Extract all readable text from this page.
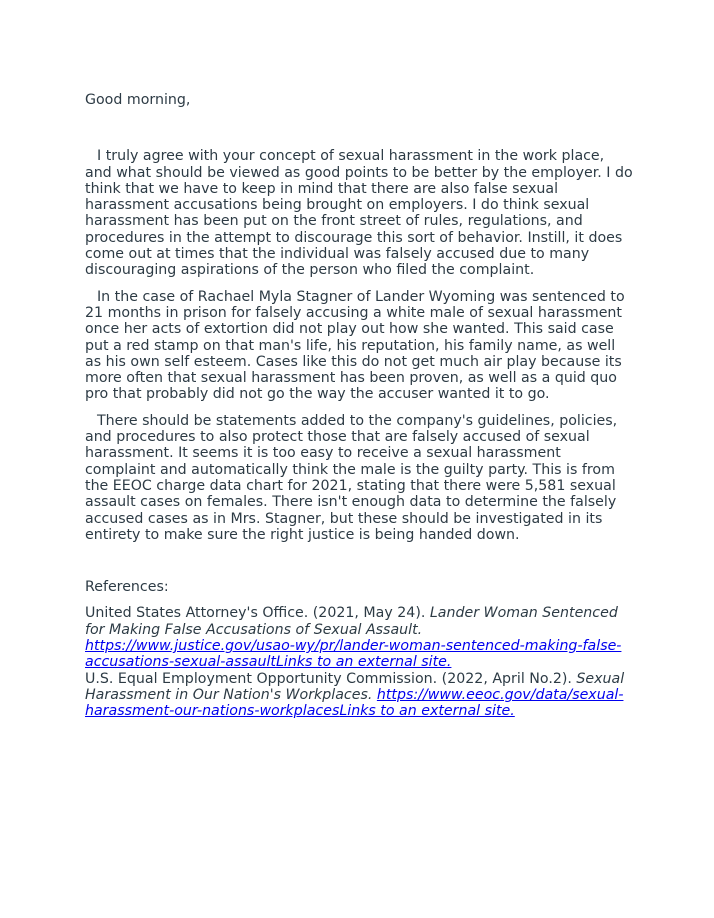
Good morning,

I truly agree with your concept of sexual harassment in the work place, and what should be viewed as good points to be better by the employer. I do think that we have to keep in mind that there are also false sexual harassment accusations being brought on employers. I do think sexual harassment has been put on the front street of rules, regulations, and procedures in the attempt to discourage this sort of behavior. Instill, it does come out at times that the individual was falsely accused due to many discouraging aspirations of the person who filed the complaint.

In the case of Rachael Myla Stagner of Lander Wyoming was sentenced to 21 months in prison for falsely accusing a white male of sexual harassment once her acts of extortion did not play out how she wanted. This said case put a red stamp on that man's life, his reputation, his family name, as well as his own self esteem. Cases like this do not get much air play because its more often that sexual harassment has been proven, as well as a quid quo pro that probably did not go the way the accuser wanted it to go.

There should be statements added to the company's guidelines, policies, and procedures to also protect those that are falsely accused of sexual harassment. It seems it is too easy to receive a sexual harassment complaint and automatically think the male is the guilty party. This is from the EEOC charge data chart for 2021, stating that there were 5,581 sexual assault cases on females. There isn't enough data to determine the falsely accused cases as in Mrs. Stagner, but these should be investigated in its entirety to make sure the right justice is being handed down.

References:

United States Attorney's Office. (2021, May 24). Lander Woman Sentenced for Making False Accusations of Sexual Assault. https://www.justice.gov/usao-wy/pr/lander-woman-sentenced-making-false-accusations-sexual-assaultLinks to an external site.

U.S. Equal Employment Opportunity Commission. (2022, April No.2). Sexual Harassment in Our Nation's Workplaces. https://www.eeoc.gov/data/sexual-harassment-our-nations-workplacesLinks to an external site.
